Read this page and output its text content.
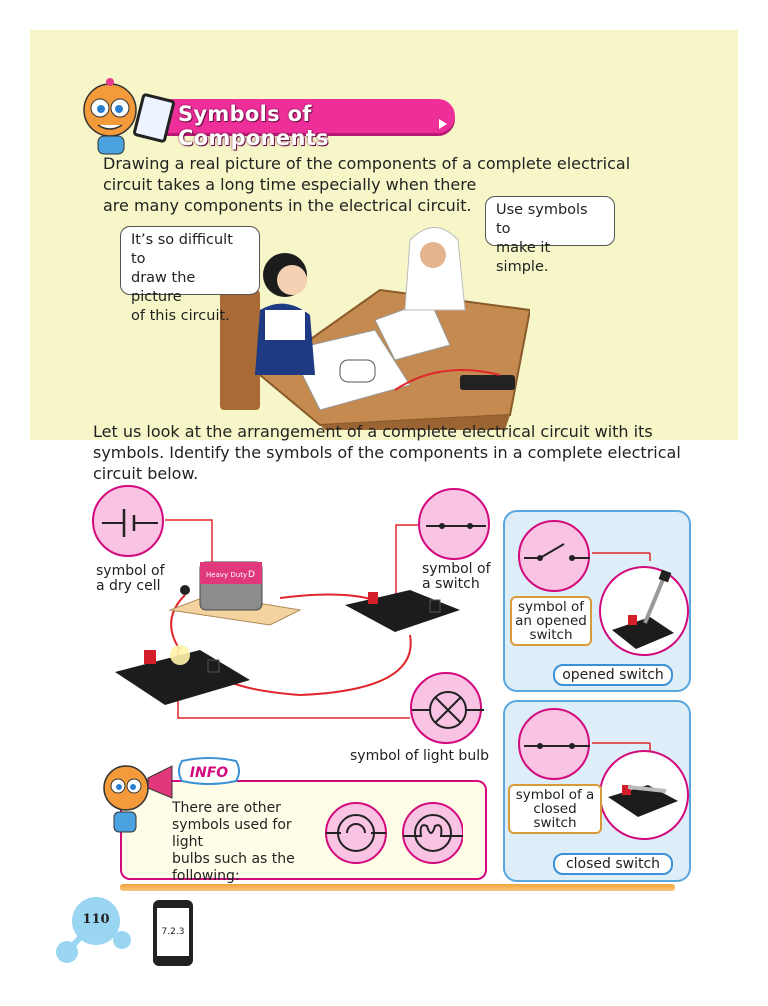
Symbols of Components
Drawing a real picture of the components of a complete electrical
circuit takes a long time especially when there
are many components in the electrical circuit.	Use symbols to
make it simple.
It’s so difficult to
draw the picture
of this circuit.
Let us look at the arrangement of a complete electrical circuit with its
symbols. Identify the symbols of the components in a complete electrical
circuit below.
Heavy Duty D
symbol of
a dry cell
symbol of
a switch
symbol of light bulb
symbol of
an opened
switch
opened switch
symbol of a
closed switch
closed switch
INFO
There are other
symbols used for light
bulbs such as the
following:
110
7.2.3
